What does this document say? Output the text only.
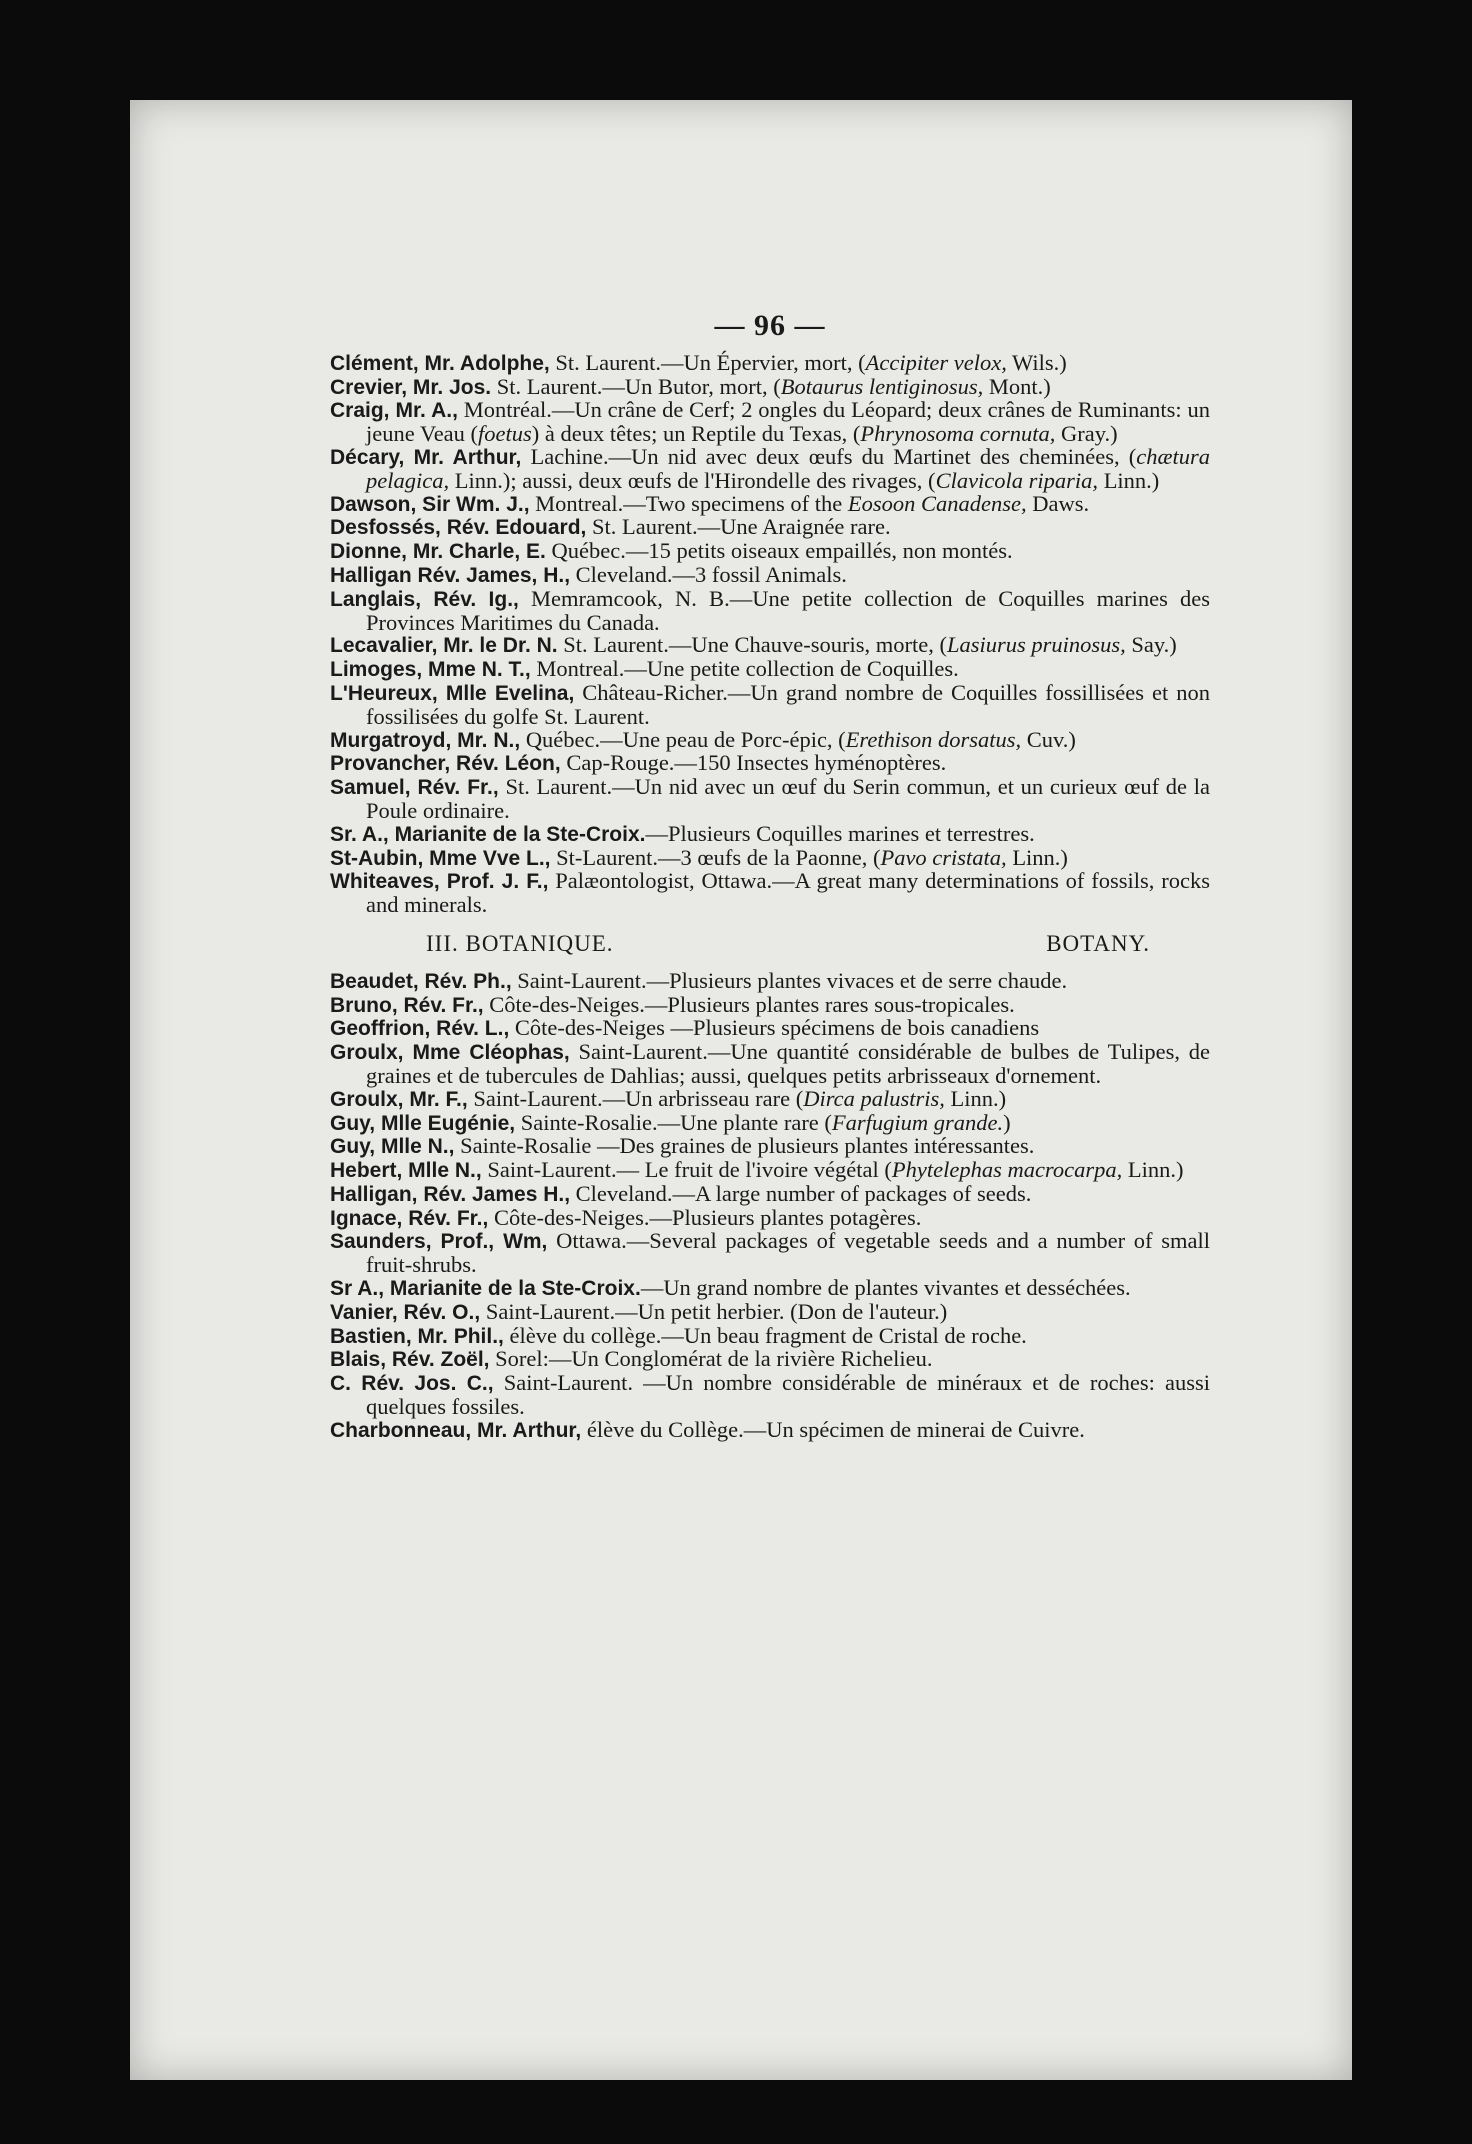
— 96 —
Clément, Mr. Adolphe, St. Laurent.—Un Épervier, mort, (Accipiter velox, Wils.)
Crevier, Mr. Jos. St. Laurent.—Un Butor, mort, (Botaurus lentiginosus, Mont.)
Craig, Mr. A., Montréal.—Un crâne de Cerf; 2 ongles du Léopard; deux crânes de Ruminants: un jeune Veau (foetus) à deux têtes; un Reptile du Texas, (Phrynosoma cornuta, Gray.)
Décary, Mr. Arthur, Lachine.—Un nid avec deux œufs du Martinet des cheminées, (chætura pelagica, Linn.); aussi, deux œufs de l'Hirondelle des rivages, (Clavicola riparia, Linn.)
Dawson, Sir Wm. J., Montreal.—Two specimens of the Eosoon Canadense, Daws.
Desfossés, Rév. Edouard, St. Laurent.—Une Araignée rare.
Dionne, Mr. Charle, E. Québec.—15 petits oiseaux empaillés, non montés.
Halligan Rév. James, H., Cleveland.—3 fossil Animals.
Langlais, Rév. Ig., Memramcook, N. B.—Une petite collection de Coquilles marines des Provinces Maritimes du Canada.
Lecavalier, Mr. le Dr. N. St. Laurent.—Une Chauve-souris, morte, (Lasiurus pruinosus, Say.)
Limoges, Mme N. T., Montreal.—Une petite collection de Coquilles.
L'Heureux, Mlle Evelina, Château-Richer.—Un grand nombre de Coquilles fossillisées et non fossilisées du golfe St. Laurent.
Murgatroyd, Mr. N., Québec.—Une peau de Porc-épic, (Erethison dorsatus, Cuv.)
Provancher, Rév. Léon, Cap-Rouge.—150 Insectes hyménoptères.
Samuel, Rév. Fr., St. Laurent.—Un nid avec un œuf du Serin commun, et un curieux œuf de la Poule ordinaire.
Sr. A., Marianite de la Ste-Croix.—Plusieurs Coquilles marines et terrestres.
St-Aubin, Mme Vve L., St-Laurent.—3 œufs de la Paonne, (Pavo cristata, Linn.)
Whiteaves, Prof. J. F., Palæontologist, Ottawa.—A great many determinations of fossils, rocks and minerals.
III. BOTANIQUE.	BOTANY.
Beaudet, Rév. Ph., Saint-Laurent.—Plusieurs plantes vivaces et de serre chaude.
Bruno, Rév. Fr., Côte-des-Neiges.—Plusieurs plantes rares sous-tropicales.
Geoffrion, Rév. L., Côte-des-Neiges —Plusieurs spécimens de bois canadiens
Groulx, Mme Cléophas, Saint-Laurent.—Une quantité considérable de bulbes de Tulipes, de graines et de tubercules de Dahlias; aussi, quelques petits arbrisseaux d'ornement.
Groulx, Mr. F., Saint-Laurent.—Un arbrisseau rare (Dirca palustris, Linn.)
Guy, Mlle Eugénie, Sainte-Rosalie.—Une plante rare (Farfugium grande.)
Guy, Mlle N., Sainte-Rosalie —Des graines de plusieurs plantes intéressantes.
Hebert, Mlle N., Saint-Laurent.— Le fruit de l'ivoire végétal (Phytelephas macrocarpa, Linn.)
Halligan, Rév. James H., Cleveland.—A large number of packages of seeds.
Ignace, Rév. Fr., Côte-des-Neiges.—Plusieurs plantes potagères.
Saunders, Prof., Wm, Ottawa.—Several packages of vegetable seeds and a number of small fruit-shrubs.
Sr A., Marianite de la Ste-Croix.—Un grand nombre de plantes vivantes et desséchées.
Vanier, Rév. O., Saint-Laurent.—Un petit herbier. (Don de l'auteur.)
Bastien, Mr. Phil., élève du collège.—Un beau fragment de Cristal de roche.
Blais, Rév. Zoël, Sorel:—Un Conglomérat de la rivière Richelieu.
C. Rév. Jos. C., Saint-Laurent. —Un nombre considérable de minéraux et de roches: aussi quelques fossiles.
Charbonneau, Mr. Arthur, élève du Collège.—Un spécimen de minerai de Cuivre.
